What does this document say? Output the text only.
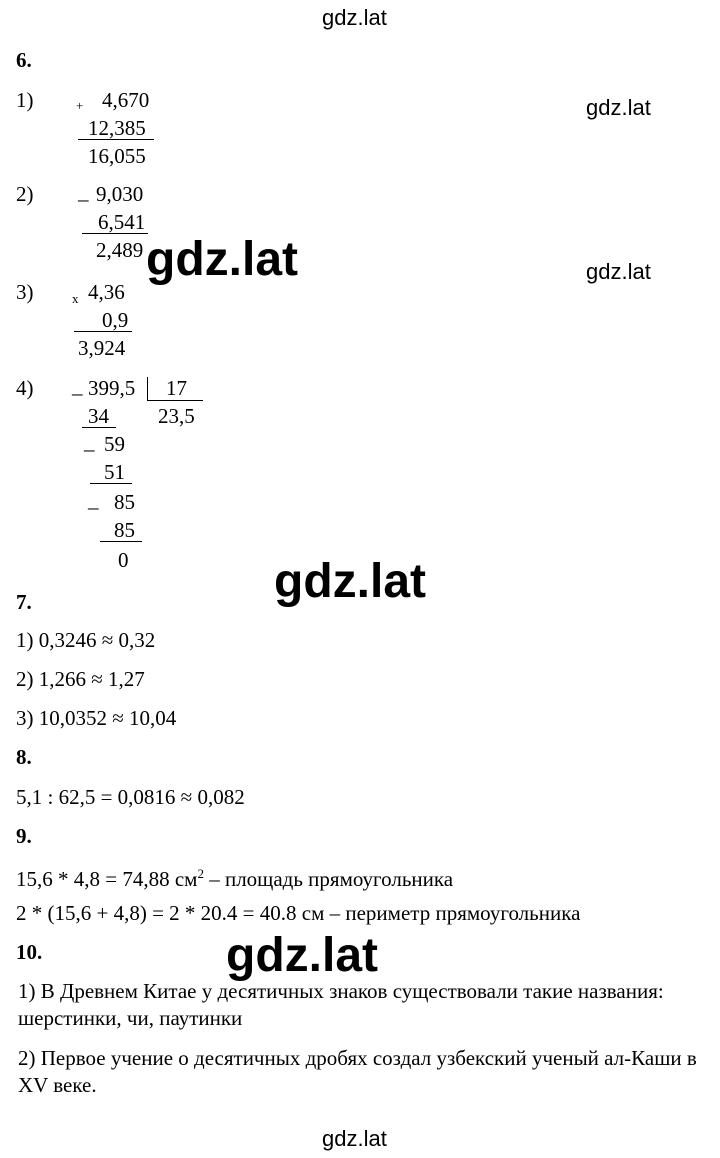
gdz.lat
gdz.lat
gdz.lat
gdz.lat
gdz.lat
gdz.lat
gdz.lat
6.
1)	+ 4,670
12,385
16,055
2) _ 9,030
6,541
2,489
3)	x 4,36
0,9
3,924
4) _ 399,5 17
23,5
34
_ 59
51
_ 85
85
0
7.
1) 0,3246 ≈ 0,32
2) 1,266 ≈ 1,27
3) 10,0352 ≈ 10,04
8.
5,1 : 62,5 = 0,0816 ≈ 0,082
9.
15,6 * 4,8 = 74,88 $см^2$ – площадь прямоугольника
2 * (15,6 + 4,8) = 2 * 20.4 = 40.8 см – периметр прямоугольника
10.
1) В Древнем Китае у десятичных знаков существовали такие названия: шерстинки, чи, паутинки
2) Первое учение о десятичных дробях создал узбекский ученый ал-Каши в XV веке.
